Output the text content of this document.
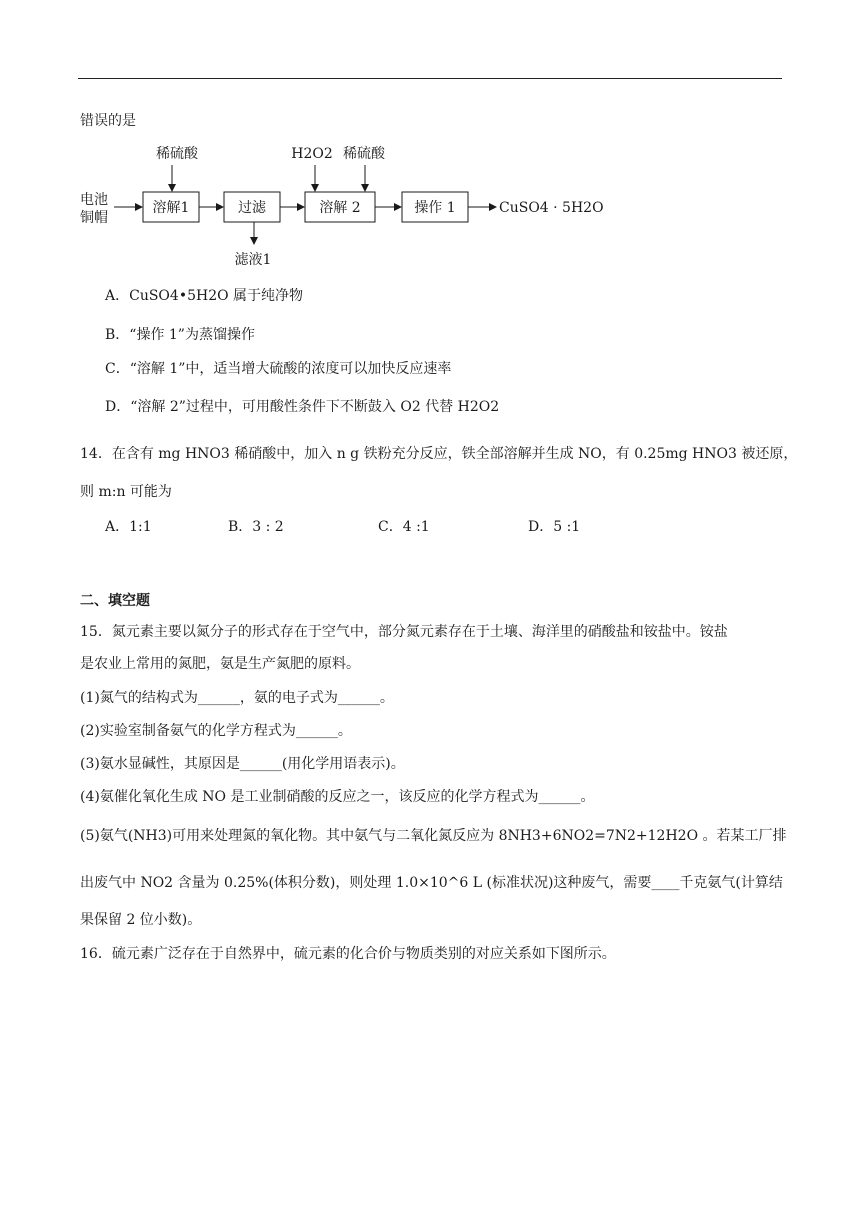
错误的是
电池
铜帽
溶解1
稀硫酸
过滤
滤液1
溶解 2
H2O2 稀硫酸
操作 1	CuSO4 · 5H2O
A．CuSO4•5H2O 属于纯净物
B．“操作 1”为蒸馏操作
C．“溶解 1”中，适当增大硫酸的浓度可以加快反应速率
D．“溶解 2”过程中，可用酸性条件下不断鼓入 O2 代替 H2O2
14．在含有 mg HNO3 稀硝酸中，加入 n g 铁粉充分反应，铁全部溶解并生成 NO，有 0.25mg HNO3 被还原，
则 m:n 可能为
A．1:1	B．3 : 2	C．4 :1	D．5 :1
二、填空题
15．氮元素主要以氮分子的形式存在于空气中，部分氮元素存在于土壤、海洋里的硝酸盐和铵盐中。铵盐
是农业上常用的氮肥，氨是生产氮肥的原料。
(1)氮气的结构式为______，氨的电子式为______。
(2)实验室制备氨气的化学方程式为______。
(3)氨水显碱性，其原因是______(用化学用语表示)。
(4)氨催化氧化生成 NO 是工业制硝酸的反应之一，该反应的化学方程式为______。
(5)氨气(NH3)可用来处理氮的氧化物。其中氨气与二氧化氮反应为 8NH3+6NO2=7N2+12H2O 。若某工厂排
出废气中 NO2 含量为 0.25%(体积分数)，则处理 1.0×10^6 L (标准状况)这种废气，需要____千克氨气(计算结
果保留 2 位小数)。
16．硫元素广泛存在于自然界中，硫元素的化合价与物质类别的对应关系如下图所示。
